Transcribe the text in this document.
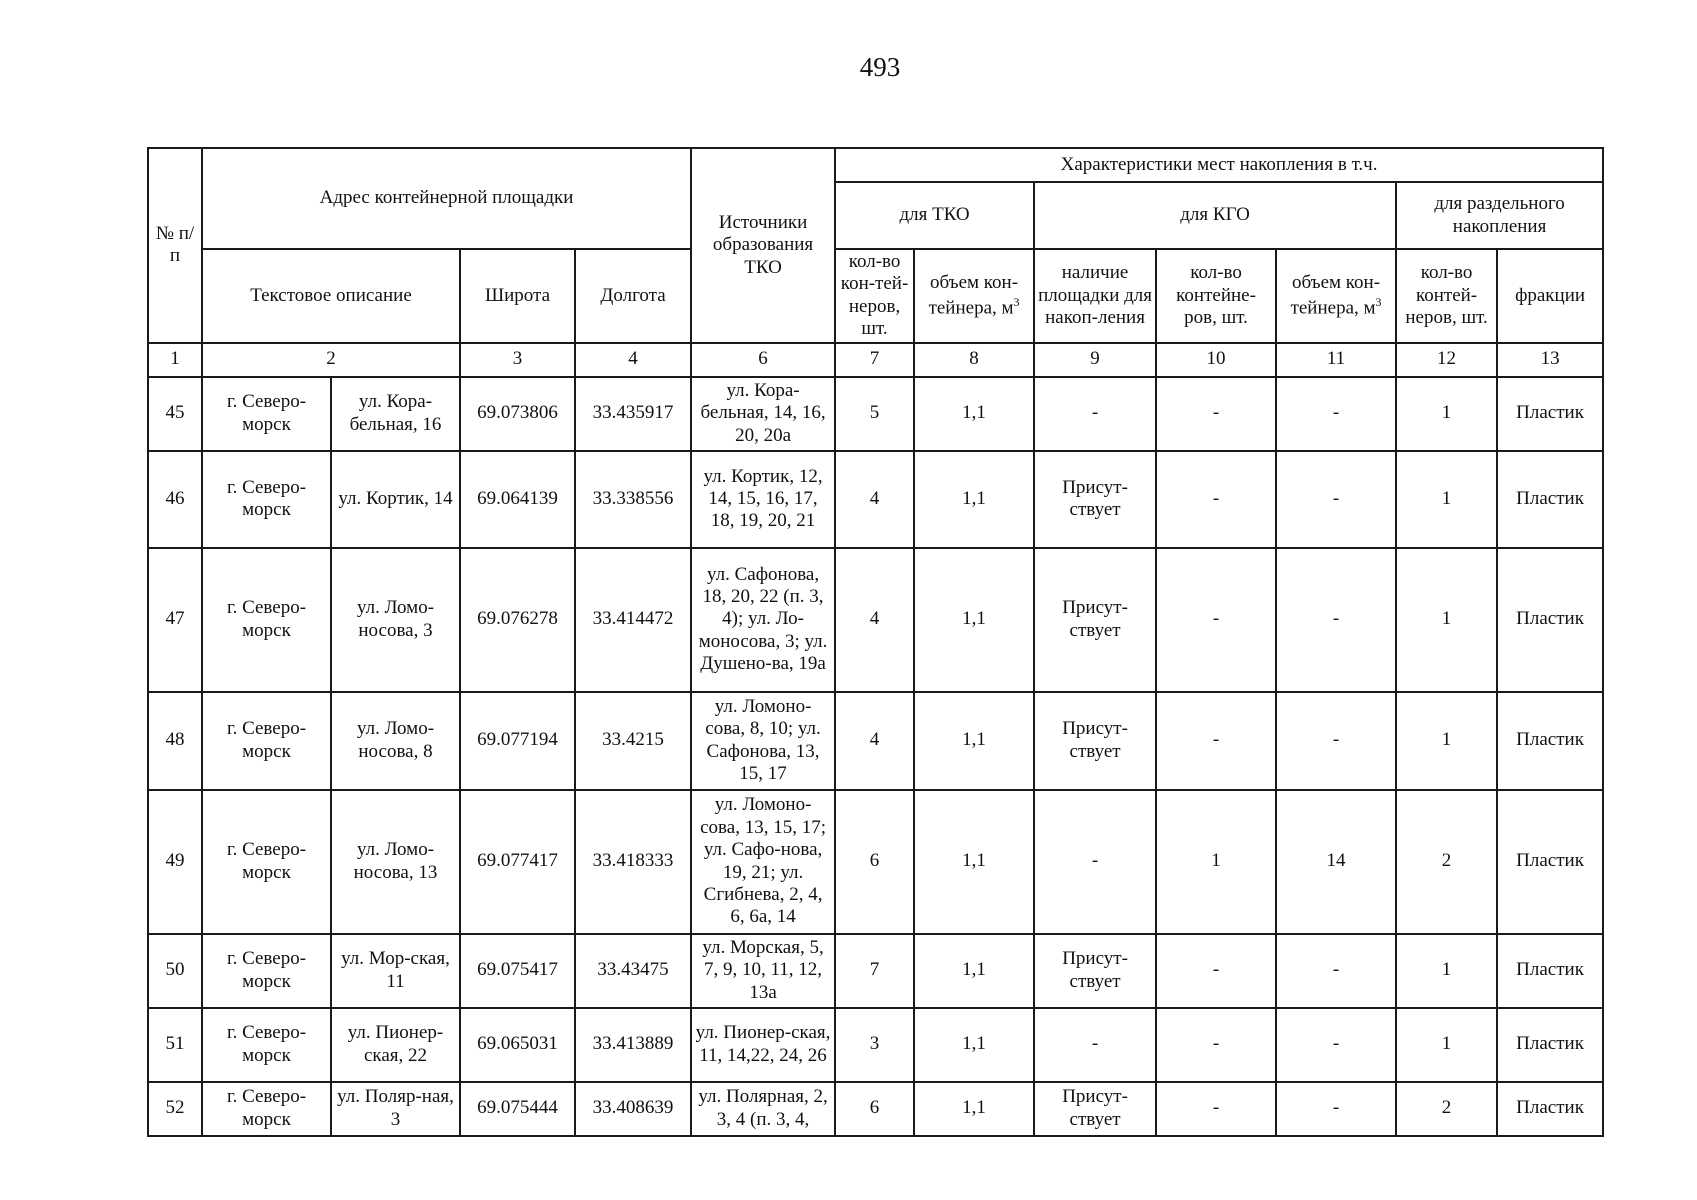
493
№ п/п	Адрес контейнерной площадки				Источники образования ТКО	Характеристики мест накопления в т.ч.						
						для ТКО		для КГО			для раздельного накопления	
						кол-во кон-тей-неров, шт.	объем кон-тейнера, $м^3$	наличие площадки для накоп-ления	кол-во контейне-ров, шт.	объем кон-тейнера, $м^3$	кол-во контей-неров, шт.	фракции
	Текстовое описание		Широта	Долгота								
1	2		3	4	6	7	8	9	10	11	12	13
45	г. Северо-морск	ул. Кора-бельная, 16	69.073806	33.435917	ул. Кора-бельная, 14, 16, 20, 20а	5	1,1	-	-	-	1	Пластик
46	г. Северо-морск	ул. Кортик, 14	69.064139	33.338556	ул. Кортик, 12, 14, 15, 16, 17, 18, 19, 20, 21	4	1,1	Присут-ствует	-	-	1	Пластик
47	г. Северо-морск	ул. Ломо-носова, 3	69.076278	33.414472	ул. Сафонова, 18, 20, 22 (п. 3, 4); ул. Ло-моносова, 3; ул. Душено-ва, 19а	4	1,1	Присут-ствует	-	-	1	Пластик
48	г. Северо-морск	ул. Ломо-носова, 8	69.077194	33.4215	ул. Ломоно-сова, 8, 10; ул. Сафонова, 13, 15, 17	4	1,1	Присут-ствует	-	-	1	Пластик
49	г. Северо-морск	ул. Ломо-носова, 13	69.077417	33.418333	ул. Ломоно-сова, 13, 15, 17; ул. Сафо-нова, 19, 21; ул. Сгибнева, 2, 4, 6, 6а, 14	6	1,1	-	1	14	2	Пластик
50	г. Северо-морск	ул. Мор-ская, 11	69.075417	33.43475	ул. Морская, 5, 7, 9, 10, 11, 12, 13а	7	1,1	Присут-ствует	-	-	1	Пластик
51	г. Северо-морск	ул. Пионер-ская, 22	69.065031	33.413889	ул. Пионер-ская, 11, 14,22, 24, 26	3	1,1	-	-	-	1	Пластик
52	г. Северо-морск	ул. Поляр-ная, 3	69.075444	33.408639	ул. Полярная, 2, 3, 4 (п. 3, 4,	6	1,1	Присут-ствует	-	-	2	Пластик
